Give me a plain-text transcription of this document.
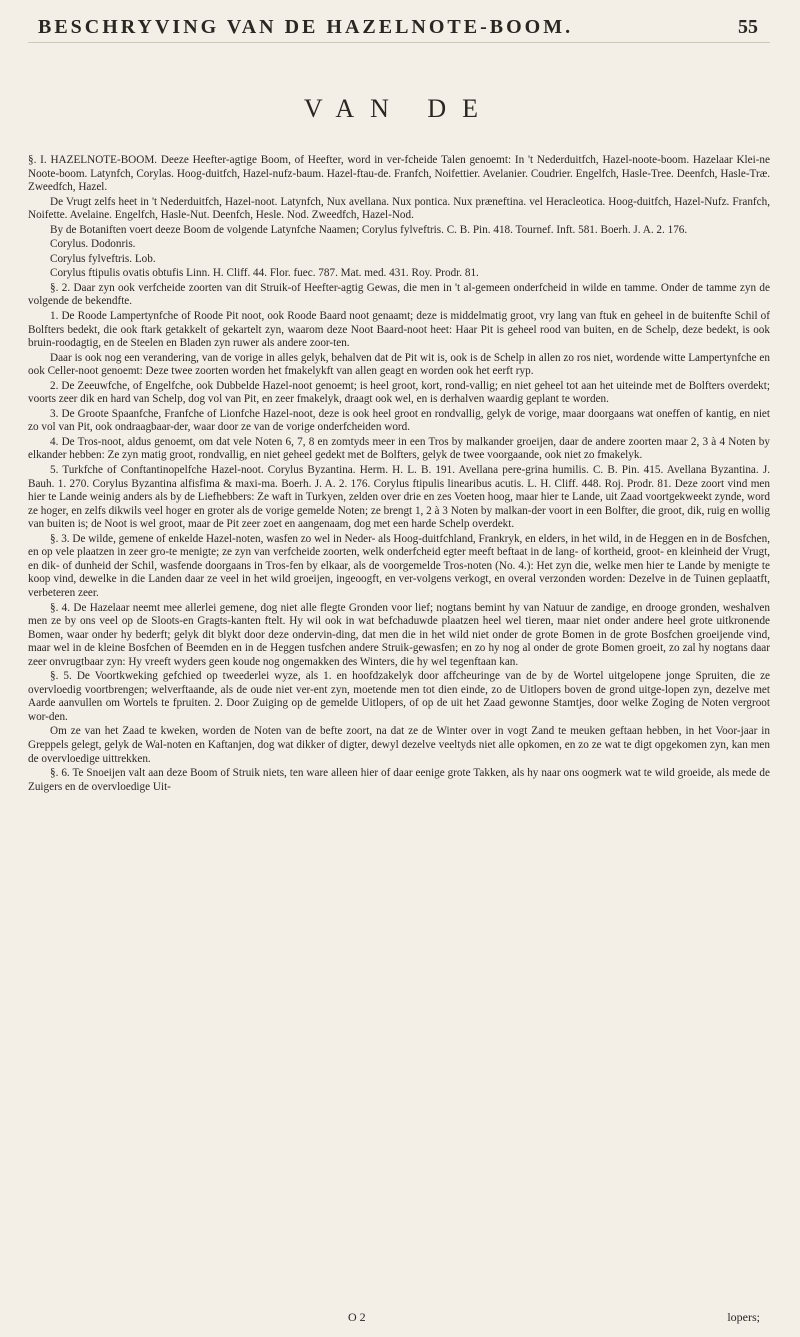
BESCHRYVING VAN DE HAZELNOTE-BOOM.	55
VAN DE

§. I. HAZELNOTE-BOOM. Deeze Heefter-agtige Boom, of Heefter, word in ver-fcheide Talen genoemt: In 't Nederduitfch, Hazel-noote-boom. Hazelaar Klei-ne Noote-boom. Latynfch, Corylas. Hoog-duitfch, Hazel-nufz-baum. Hazel-ftau-de. Franfch, Noifettier. Avelanier. Coudrier. Engelfch, Hasle-Tree. Deenfch, Hasle-Træ. Zweedfch, Hazel.

De Vrugt zelfs heet in 't Nederduitfch, Hazel-noot. Latynfch, Nux avellana. Nux pontica. Nux præneftina. vel Heracleotica. Hoog-duitfch, Hazel-Nufz. Franfch, Noifette. Avelaine. Engelfch, Hasle-Nut. Deenfch, Hesle. Nod. Zweedfch, Hazel-Nod.

By de Botaniften voert deeze Boom de volgende Latynfche Naamen; Corylus fylveftris. C. B. Pin. 418. Tournef. Inft. 581. Boerh. J. A. 2. 176.

Corylus. Dodonris.

Corylus fylveftris. Lob.

Corylus ftipulis ovatis obtufis Linn. H. Cliff. 44. Flor. fuec. 787. Mat. med. 431. Roy. Prodr. 81.

§. 2. Daar zyn ook verfcheide zoorten van dit Struik-of Heefter-agtig Gewas, die men in 't al-gemeen onderfcheid in wilde en tamme. Onder de tamme zyn de volgende de bekendfte.

1. De Roode Lampertynfche of Roode Pit noot, ook Roode Baard noot genaamt; deze is middelmatig groot, vry lang van ftuk en geheel in de buitenfte Schil of Bolfters bedekt, die ook ftark getakkelt of gekartelt zyn, waarom deze Noot Baard-noot heet: Haar Pit is geheel rood van buiten, en de Schelp, deze bedekt, is ook bruin-roodagtig, en de Steelen en Bladen zyn ruwer als andere zoor-ten.

Daar is ook nog een verandering, van de vorige in alles gelyk, behalven dat de Pit wit is, ook is de Schelp in allen zo ros niet, wordende witte Lampertynfche en ook Celler-noot genoemt: Deze twee zoorten worden het fmakelykft van allen geagt en worden ook het eerft ryp.

2. De Zeeuwfche, of Engelfche, ook Dubbelde Hazel-noot genoemt; is heel groot, kort, rond-vallig; en niet geheel tot aan het uiteinde met de Bolfters overdekt; voorts zeer dik en hard van Schelp, dog vol van Pit, en zeer fmakelyk, draagt ook wel, en is derhalven waardig geplant te worden.

3. De Groote Spaanfche, Franfche of Lionfche Hazel-noot, deze is ook heel groot en rondvallig, gelyk de vorige, maar doorgaans wat oneffen of kantig, en niet zo vol van Pit, ook ondraagbaar-der, waar door ze van de vorige onderfcheiden word.

4. De Tros-noot, aldus genoemt, om dat vele Noten 6, 7, 8 en zomtyds meer in een Tros by malkander groeijen, daar de andere zoorten maar 2, 3 à 4 Noten by elkander hebben: Ze zyn matig groot, rondvallig, en niet geheel gedekt met de Bolfters, gelyk de twee voorgaande, ook niet zo fmakelyk.

5. Turkfche of Conftantinopelfche Hazel-noot. Corylus Byzantina. Herm. H. L. B. 191. Avellana pere-grina humilis. C. B. Pin. 415. Avellana Byzantina. J. Bauh. 1. 270. Corylus Byzantina alfisfima & maxi-ma. Boerh. J. A. 2. 176. Corylus ftipulis linearibus acutis. L. H. Cliff. 448. Roj. Prodr. 81. Deze zoort vind men hier te Lande weinig anders als by de Liefhebbers: Ze waft in Turkyen, zelden over drie en zes Voeten hoog, maar hier te Lande, uit Zaad voortgekweekt zynde, word ze hoger, en zelfs dikwils veel hoger en groter als de vorige gemelde Noten; ze brengt 1, 2 à 3 Noten by malkan-der voort in een Bolfter, die groot, dik, ruig en wollig van buiten is; de Noot is wel groot, maar de Pit zeer zoet en aangenaam, dog met een harde Schelp overdekt.

§. 3. De wilde, gemene of enkelde Hazel-noten, wasfen zo wel in Neder- als Hoog-duitfchland, Frankryk, en elders, in het wild, in de Heggen en in de Bosfchen, en op vele plaatzen in zeer gro-te menigte; ze zyn van verfcheide zoorten, welk onderfcheid egter meeft beftaat in de lang- of kortheid, groot- en kleinheid der Vrugt, en dik- of dunheid der Schil, wasfende doorgaans in Tros-fen by elkaar, als de voorgemelde Tros-noten (No. 4.): Het zyn die, welke men hier te Lande by menigte te koop vind, dewelke in die Landen daar ze veel in het wild groeijen, ingeoogft, en ver-volgens verkogt, en overal verzonden worden: Dezelve in de Tuinen geplaatft, verbeteren zeer.

§. 4. De Hazelaar neemt mee allerlei gemene, dog niet alle flegte Gronden voor lief; nogtans bemint hy van Natuur de zandige, en drooge gronden, weshalven men ze by ons veel op de Sloots-en Gragts-kanten ftelt. Hy wil ook in wat befchaduwde plaatzen heel wel tieren, maar niet onder andere heel grote uitkronende Bomen, waar onder hy bederft; gelyk dit blykt door deze ondervin-ding, dat men die in het wild niet onder de grote Bomen in de grote Bosfchen groeijende vind, maar wel in de kleine Bosfchen of Beemden en in de Heggen tusfchen andere Struik-gewasfen; en zo hy nog al onder de grote Bomen groeit, zo zal hy nogtans daar zeer onvrugtbaar zyn: Hy vreeft wyders geen koude nog ongemakken des Winters, die hy wel tegenftaan kan.

§. 5. De Voortkweking gefchied op tweederlei wyze, als 1. en hoofdzakelyk door affcheuringe van de by de Wortel uitgelopene jonge Spruiten, die ze overvloedig voortbrengen; welverftaande, als de oude niet ver-ent zyn, moetende men tot dien einde, zo de Uitlopers boven de grond uitge-lopen zyn, dezelve met Aarde aanvullen om Wortels te fpruiten. 2. Door Zuiging op de gemelde Uitlopers, of op de uit het Zaad gewonne Stamtjes, door welke Zoging de Noten vergroot wor-den.

Om ze van het Zaad te kweken, worden de Noten van de befte zoort, na dat ze de Winter over in vogt Zand te meuken geftaan hebben, in het Voor-jaar in Greppels gelegt, gelyk de Wal-noten en Kaftanjen, dog wat dikker of digter, dewyl dezelve veeltyds niet alle opkomen, en zo ze wat te digt opgekomen zyn, kan men de overvloedige uittrekken.

§. 6. Te Snoeijen valt aan deze Boom of Struik niets, ten ware alleen hier of daar eenige grote Takken, als hy naar ons oogmerk wat te wild groeide, als mede de Zuigers en de overvloedige Uit-

O 2	lopers;
